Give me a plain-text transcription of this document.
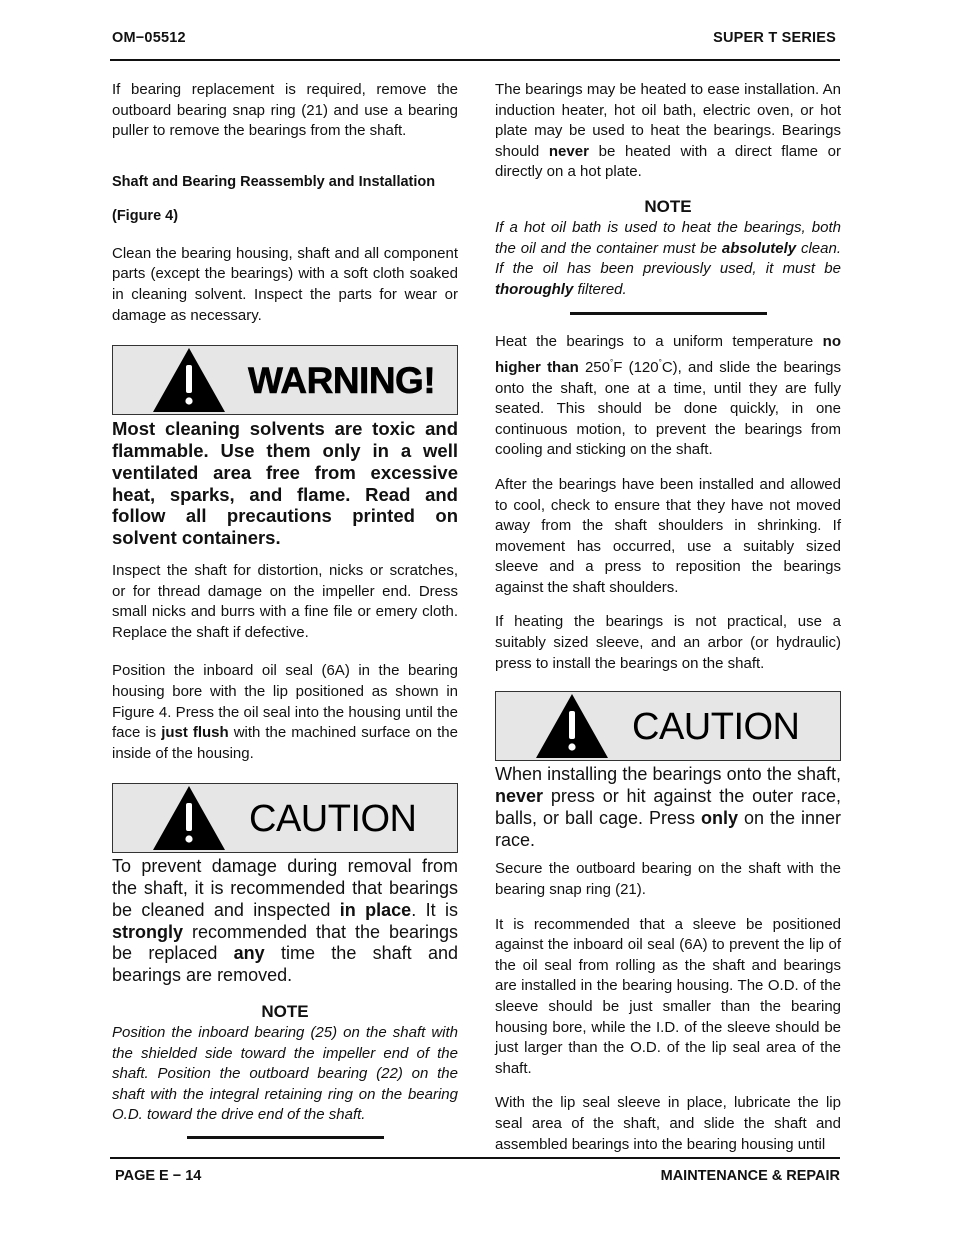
OM−05512	SUPER T SERIES

If bearing replacement is required, remove the outboard bearing snap ring (21) and use a bearing puller to remove the bearings from the shaft.

Shaft and Bearing Reassembly and Installation
(Figure 4)

Clean the bearing housing, shaft and all component parts (except the bearings) with a soft cloth soaked in cleaning solvent. Inspect the parts for wear or damage as necessary.

WARNING!

Most cleaning solvents are toxic and flammable. Use them only in a well ventilated area free from excessive heat, sparks, and flame. Read and follow all precautions printed on solvent containers.

Inspect the shaft for distortion, nicks or scratches, or for thread damage on the impeller end. Dress small nicks and burrs with a fine file or emery cloth. Replace the shaft if defective.

Position the inboard oil seal (6A) in the bearing housing bore with the lip positioned as shown in Figure 4. Press the oil seal into the housing until the face is just flush with the machined surface on the inside of the housing.

CAUTION

To prevent damage during removal from the shaft, it is recommended that bearings be cleaned and inspected in place. It is strongly recommended that the bearings be replaced any time the shaft and bearings are removed.

NOTE

Position the inboard bearing (25) on the shaft with the shielded side toward the impeller end of the shaft. Position the outboard bearing (22) on the shaft with the integral retaining ring on the bearing O.D. toward the drive end of the shaft.

The bearings may be heated to ease installation. An induction heater, hot oil bath, electric oven, or hot plate may be used to heat the bearings. Bearings should never be heated with a direct flame or directly on a hot plate.

NOTE

If a hot oil bath is used to heat the bearings, both the oil and the container must be absolutely clean. If the oil has been previously used, it must be thoroughly filtered.

Heat the bearings to a uniform temperature no higher than 250°F (120°C), and slide the bearings onto the shaft, one at a time, until they are fully seated. This should be done quickly, in one continuous motion, to prevent the bearings from cooling and sticking on the shaft.

After the bearings have been installed and allowed to cool, check to ensure that they have not moved away from the shaft shoulders in shrinking. If movement has occurred, use a suitably sized sleeve and a press to reposition the bearings against the shaft shoulders.

If heating the bearings is not practical, use a suitably sized sleeve, and an arbor (or hydraulic) press to install the bearings on the shaft.

CAUTION

When installing the bearings onto the shaft, never press or hit against the outer race, balls, or ball cage. Press only on the inner race.

Secure the outboard bearing on the shaft with the bearing snap ring (21).

It is recommended that a sleeve be positioned against the inboard oil seal (6A) to prevent the lip of the oil seal from rolling as the shaft and bearings are installed in the bearing housing. The O.D. of the sleeve should be just smaller than the bearing housing bore, while the I.D. of the sleeve should be just larger than the O.D. of the lip seal area of the shaft.

With the lip seal sleeve in place, lubricate the lip seal area of the shaft, and slide the shaft and assembled bearings into the bearing housing until

PAGE E − 14	MAINTENANCE & REPAIR
